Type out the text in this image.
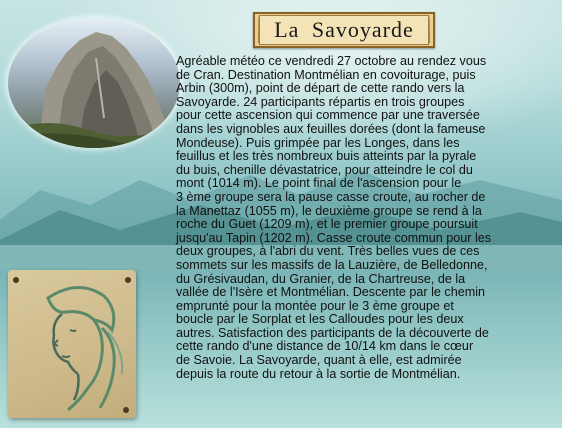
La Savoyarde

Agréable météo ce vendredi 27 octobre au rendez vous
de Cran. Destination Montmélian en covoiturage, puis
Arbin (300m), point de départ de cette rando vers la
Savoyarde. 24 participants répartis en trois groupes
pour cette ascension qui commence par une traversée
dans les vignobles aux feuilles dorées (dont la fameuse
Mondeuse). Puis grimpée par les Longes, dans les
feuillus et les très nombreux buis atteints par la pyrale
du buis, chenille dévastatrice, pour atteindre le col du
mont (1014 m). Le point final de l'ascension pour le
3 ème groupe sera la pause casse croute, au rocher de
la Manettaz (1055 m), le deuxième groupe se rend à la
roche du Guet (1209 m), et le premier groupe poursuit
jusqu'au Tapin (1202 m). Casse croute commun pour les
deux groupes, à l'abri du vent. Très belles vues de ces
sommets sur les massifs de la Lauzière, de Belledonne,
du Grésivaudan, du Granier, de la Chartreuse, de la
vallée de l'Isère et Montmélian. Descente par le chemin
emprunté pour la montée pour le 3 ème groupe et
boucle par le Sorplat et les Calloudes pour les deux
autres. Satisfaction des participants de la découverte de
cette rando d'une distance de 10/14 km dans le cœur
de Savoie. La Savoyarde, quant à elle, est admirée
depuis la route du retour à la sortie de Montmélian.
